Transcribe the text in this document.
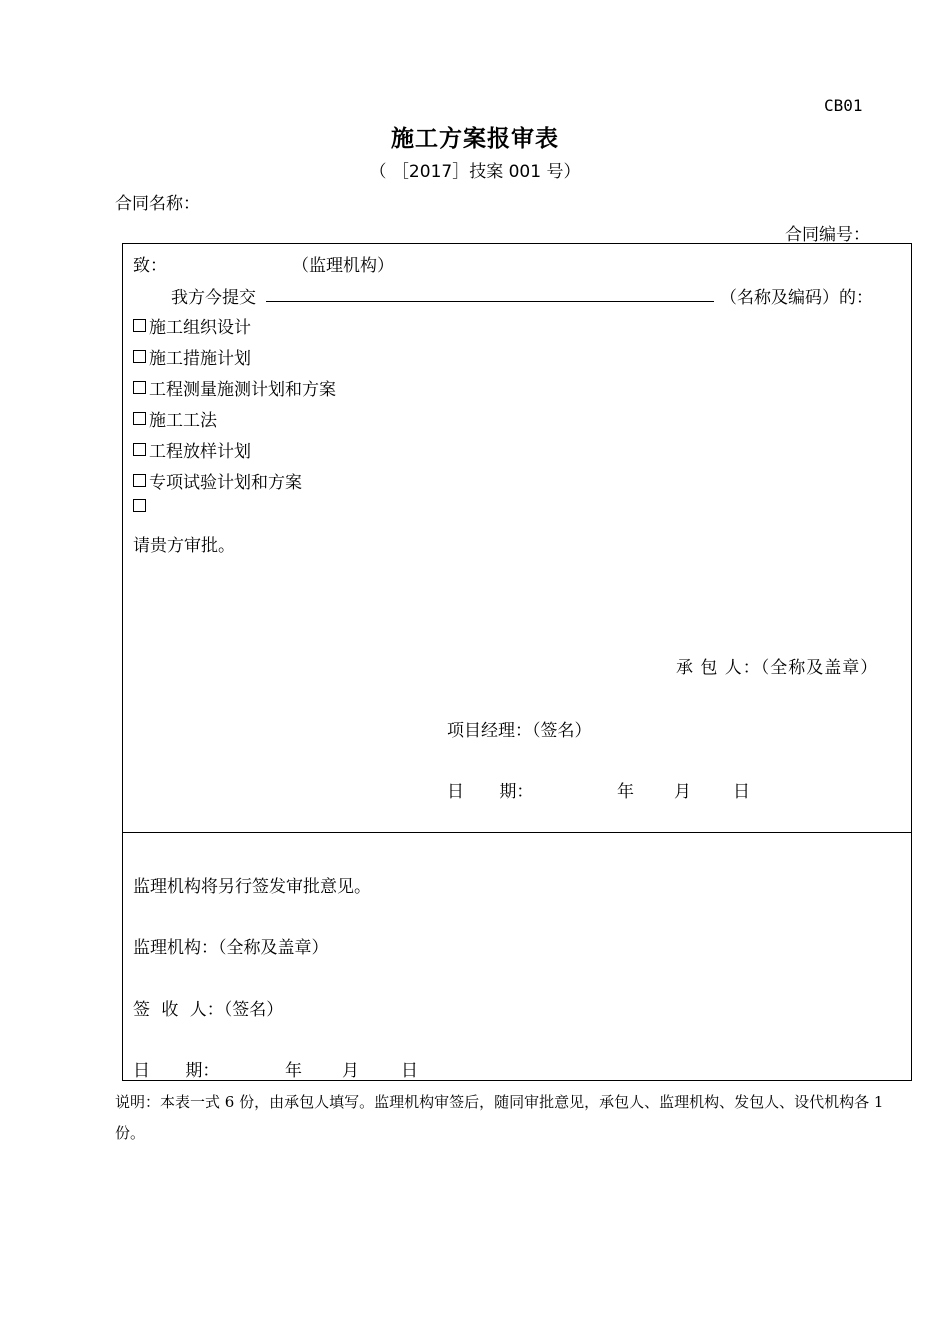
CB01
施工方案报审表
（ ［2017］技案 001 号）
合同名称：
合同编号：
致：	（监理机构）
我方今提交	（名称及编码）的：
施工组织设计
施工措施计划
工程测量施测计划和方案
施工工法
工程放样计划
专项试验计划和方案
请贵方审批。
承 包 人：（全称及盖章）
项目经理：（签名）
日 期：	年 月 日
监理机构将另行签发审批意见。
监理机构：（全称及盖章）
签 收 人：（签名）
日 期：	年 月 日
说明：本表一式 6 份，由承包人填写。监理机构审签后，随同审批意见，承包人、监理机构、发包人、设代机构各 1 份。
